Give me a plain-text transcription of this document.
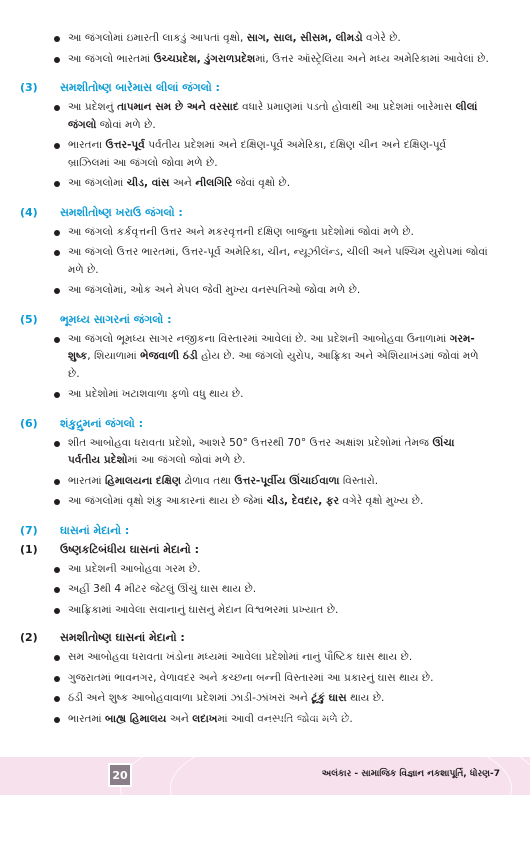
આ જંગલોમાં ઇમારતી લાકડું આપતાં વૃક્ષો, સાગ, સાલ, સીસમ, લીમડો વગેરે છે.
આ જંગલો ભારતમાં ઉચ્ચપ્રદેશ, ડુંગરાળપ્રદેશમાં, ઉત્તર ઑસ્ટ્રેલિયા અને મધ્ય અમેરિકામાં આવેલાં છે.
(3)	સમશીતોષ્ણ બારેમાસ લીલાં જંગલો :
આ પ્રદેશનું તાપમાન સમ છે અને વરસાદ વધારે પ્રમાણમાં પડતો હોવાથી આ પ્રદેશમાં બારેમાસ લીલાં જંગલો જોવાં મળે છે.
ભારતના ઉત્તર-પૂર્વ પર્વતીય પ્રદેશમાં અને દક્ષિણ-પૂર્વ અમેરિકા, દક્ષિણ ચીન અને દક્ષિણ-પૂર્વ બ્રાઝિલમાં આ જંગલો જોવા મળે છે.
આ જંગલોમાં ચીડ, વાંસ અને નીલગિરિ જેવાં વૃક્ષો છે.
(4)	સમશીતોષ્ણ ખરાઉ જંગલો :
આ જંગલો કર્કવૃત્તની ઉત્તર અને મકરવૃત્તની દક્ષિણ બાજુના પ્રદેશોમાં જોવાં મળે છે.
આ જંગલો ઉત્તર ભારતમાં, ઉત્તર-પૂર્વ અમેરિકા, ચીન, ન્યૂઝીલૅન્ડ, ચીલી અને પશ્ચિમ યુરોપમાં જોવાં મળે છે.
આ જંગલોમાં, ઓક અને મેપલ જેવી મુખ્ય વનસ્પતિઓ જોવા મળે છે.
(5)	ભૂમધ્ય સાગરનાં જંગલો :
આ જંગલો ભૂમધ્ય સાગર નજીકના વિસ્તારમાં આવેલાં છે. આ પ્રદેશની આબોહવા ઉનાળામાં ગરમ-શુષ્ક, શિયાળામાં ભેજવાળી ઠંડી હોય છે. આ જંગલો યુરોપ, આફ્રિકા અને એશિયાખંડમાં જોવાં મળે છે.
આ પ્રદેશોમાં ખટાશવાળા ફળો વધુ થાય છે.
(6)	શંકુદ્રુમનાં જંગલો :
શીત આબોહવા ધરાવતા પ્રદેશો, આશરે 50° ઉત્તરથી 70° ઉત્તર અક્ષાંશ પ્રદેશોમાં તેમજ ઊંચા પર્વતીય પ્રદેશોમાં આ જંગલો જોવાં મળે છે.
ભારતમાં હિમાલયના દક્ષિણ ઢોળાવ તથા ઉત્તર-પૂર્વીય ઊંચાઈવાળા વિસ્તારો.
આ જંગલોમાં વૃક્ષો શંકુ આકારનાં થાય છે જેમાં ચીડ, દેવદાર, ફર વગેરે વૃક્ષો મુખ્ય છે.
(7)	ઘાસનાં મેદાનો :
(1)	ઉષ્ણકટિબંધીય ઘાસનાં મેદાનો :
આ પ્રદેશની આબોહવા ગરમ છે.
અહીં 3થી 4 મીટર જેટલું ઊંચું ઘાસ થાય છે.
આફ્રિકામાં આવેલા સવાનાનું ઘાસનું મેદાન વિશ્વભરમાં પ્રખ્યાત છે.
(2)	સમશીતોષ્ણ ઘાસનાં મેદાનો :
સમ આબોહવા ધરાવતા ખંડોના મધ્યમાં આવેલા પ્રદેશોમાં નાનું પૌષ્ટિક ઘાસ થાય છે.
ગુજરાતમાં ભાવનગર, વેળાવદર અને કચ્છના બન્ની વિસ્તારમાં આ પ્રકારનું ઘાસ થાય છે.
ઠંડી અને શુષ્ક આબોહવાવાળા પ્રદેશમાં ઝાડી-ઝાંખરાં અને ટૂંકું ઘાસ થાય છે.
ભારતમાં બાહ્ય હિમાલય અને લદાખમાં આવી વનસ્પતિ જોવા મળે છે.
20	અલંકાર - સામાજિક વિજ્ઞાન નકશાપૂર્તિ, ધોરણ-7
